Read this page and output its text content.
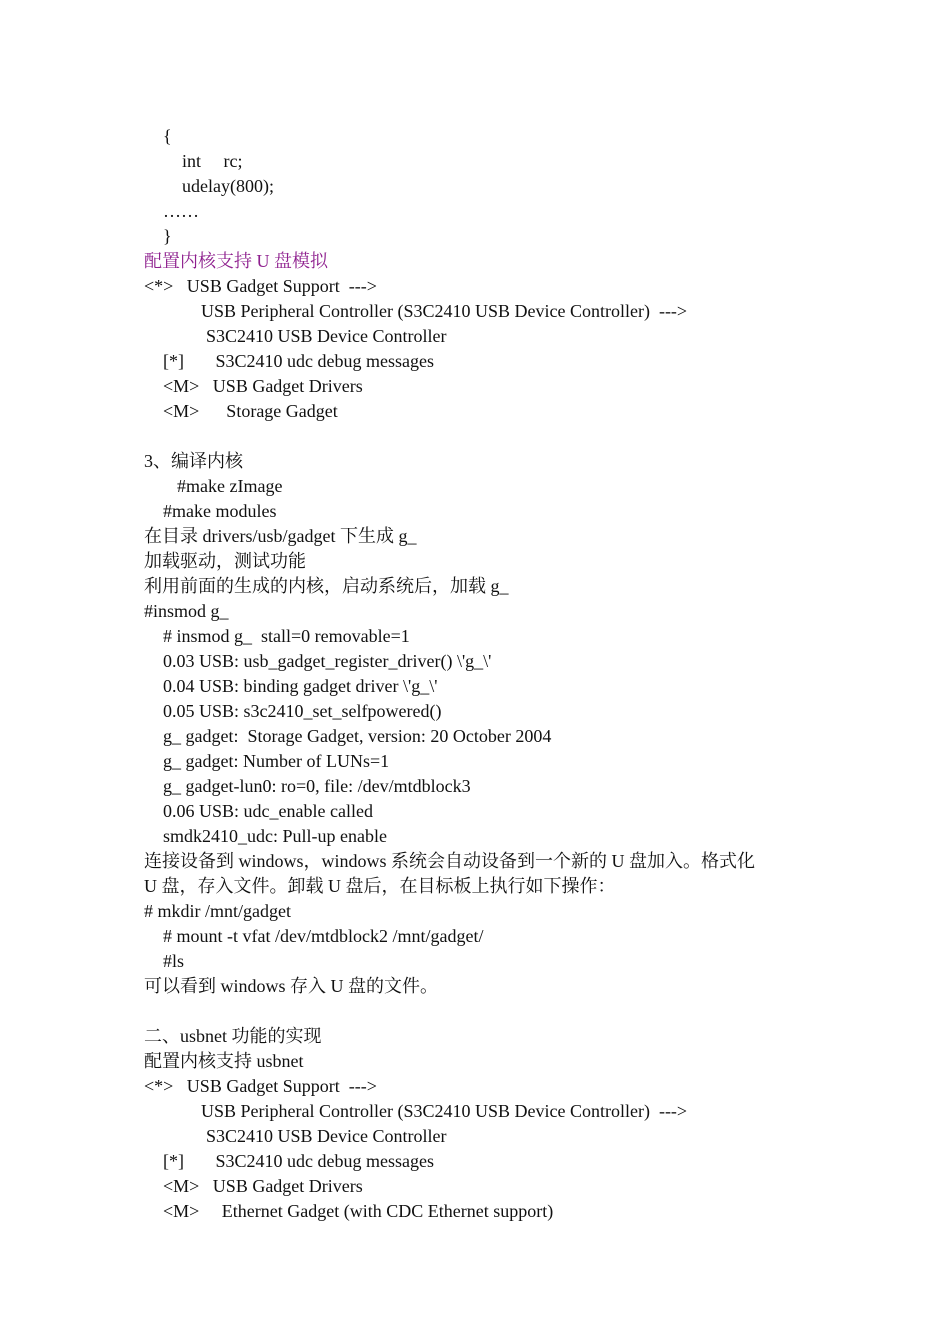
{
int     rc;
udelay(800);
……
}
配置内核支持 U 盘模拟
<*>   USB Gadget Support  --->
USB Peripheral Controller (S3C2410 USB Device Controller)  --->
S3C2410 USB Device Controller
[*]       S3C2410 udc debug messages
<M>   USB Gadget Drivers
<M>      Storage Gadget
3、编译内核
#make zImage
#make modules
在目录 drivers/usb/gadget 下生成 g_
加载驱动，测试功能
利用前面的生成的内核，启动系统后，加载 g_
#insmod g_
# insmod g_  stall=0 removable=1
0.03 USB: usb_gadget_register_driver() \'g_\'
0.04 USB: binding gadget driver \'g_\'
0.05 USB: s3c2410_set_selfpowered()
g_ gadget:  Storage Gadget, version: 20 October 2004
g_ gadget: Number of LUNs=1
g_ gadget-lun0: ro=0, file: /dev/mtdblock3
0.06 USB: udc_enable called
smdk2410_udc: Pull-up enable
连接设备到 windows，windows 系统会自动设备到一个新的 U 盘加入。格式化
U 盘，存入文件。卸载 U 盘后，在目标板上执行如下操作：
# mkdir /mnt/gadget
# mount -t vfat /dev/mtdblock2 /mnt/gadget/
#ls
可以看到 windows 存入 U 盘的文件。
二、usbnet 功能的实现
配置内核支持 usbnet
<*>   USB Gadget Support  --->
USB Peripheral Controller (S3C2410 USB Device Controller)  --->
S3C2410 USB Device Controller
[*]       S3C2410 udc debug messages
<M>   USB Gadget Drivers
<M>     Ethernet Gadget (with CDC Ethernet support)
